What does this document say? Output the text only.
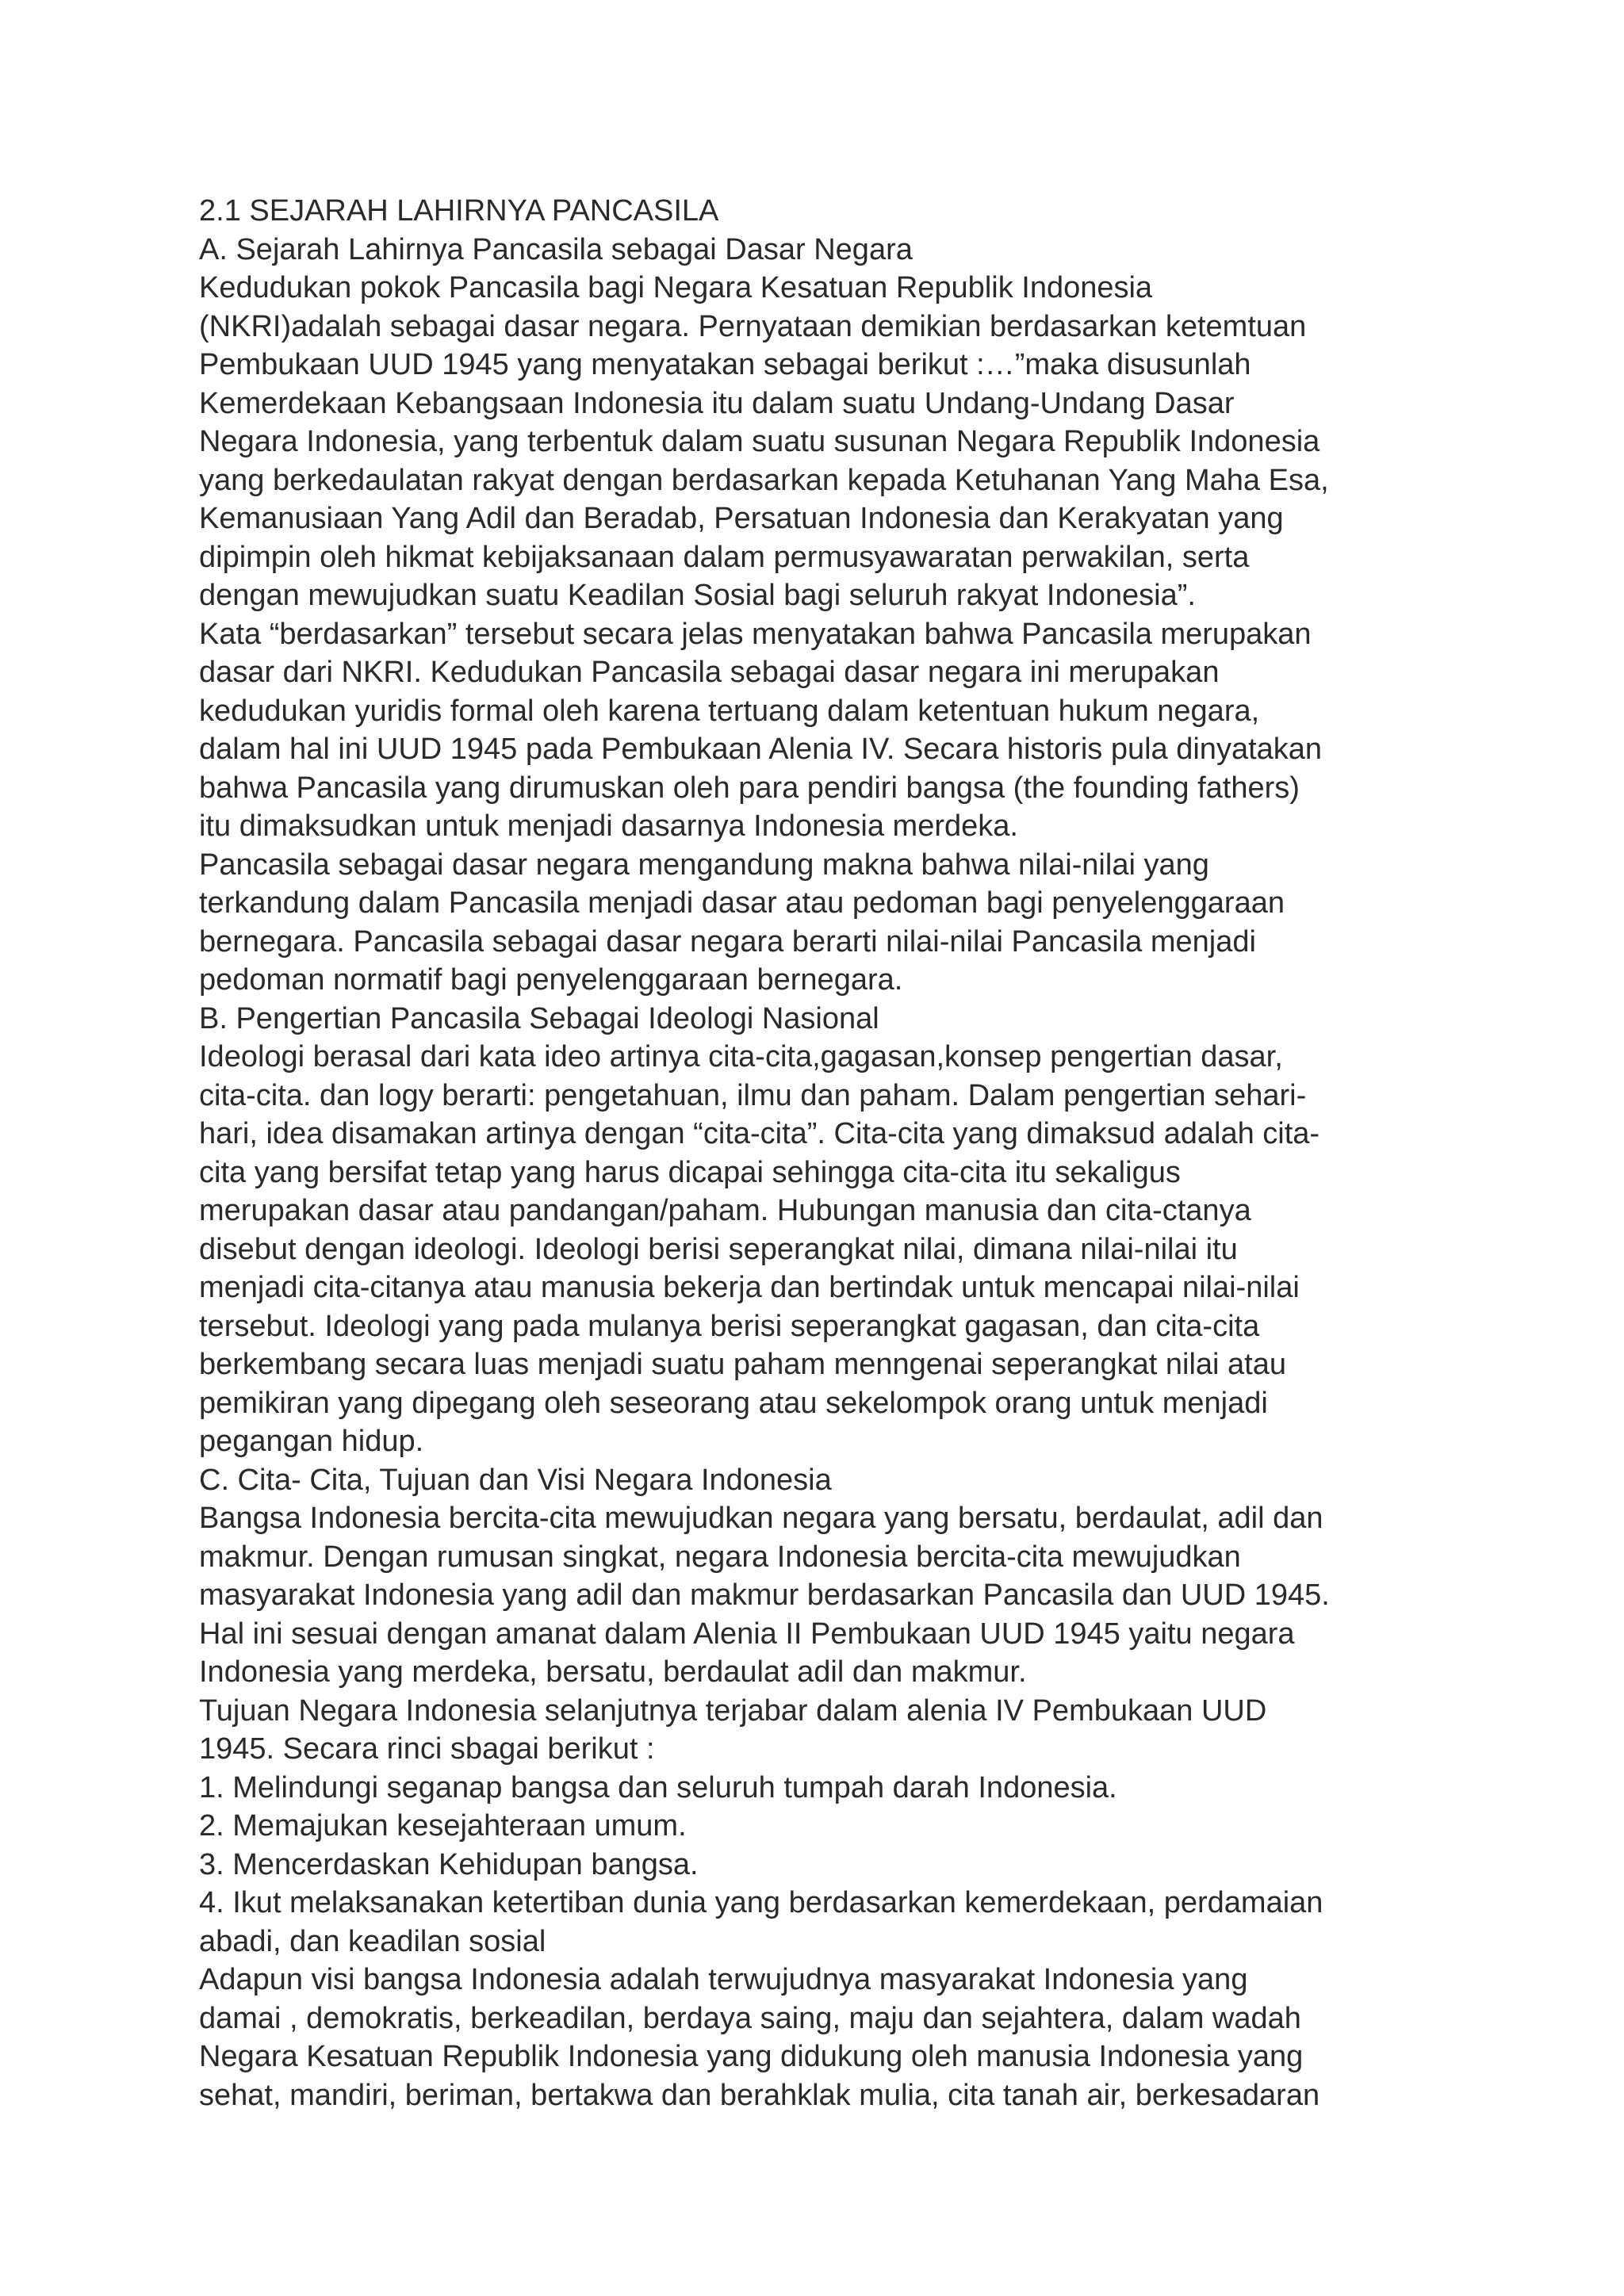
2.1 SEJARAH LAHIRNYA PANCASILA
A. Sejarah Lahirnya Pancasila sebagai Dasar Negara
Kedudukan pokok Pancasila bagi Negara Kesatuan Republik Indonesia
(NKRI)adalah sebagai dasar negara. Pernyataan demikian berdasarkan ketemtuan
Pembukaan UUD 1945 yang menyatakan sebagai berikut :…”maka disusunlah
Kemerdekaan Kebangsaan Indonesia itu dalam suatu Undang-Undang Dasar
Negara Indonesia, yang terbentuk dalam suatu susunan Negara Republik Indonesia
yang berkedaulatan rakyat dengan berdasarkan kepada Ketuhanan Yang Maha Esa,
Kemanusiaan Yang Adil dan Beradab, Persatuan Indonesia dan Kerakyatan yang
dipimpin oleh hikmat kebijaksanaan dalam permusyawaratan perwakilan, serta
dengan mewujudkan suatu Keadilan Sosial bagi seluruh rakyat Indonesia”.
Kata “berdasarkan” tersebut secara jelas menyatakan bahwa Pancasila merupakan
dasar dari NKRI. Kedudukan Pancasila sebagai dasar negara ini merupakan
kedudukan yuridis formal oleh karena tertuang dalam ketentuan hukum negara,
dalam hal ini UUD 1945 pada Pembukaan Alenia IV. Secara historis pula dinyatakan
bahwa Pancasila yang dirumuskan oleh para pendiri bangsa (the founding fathers)
itu dimaksudkan untuk menjadi dasarnya Indonesia merdeka.
Pancasila sebagai dasar negara mengandung makna bahwa nilai-nilai yang
terkandung dalam Pancasila menjadi dasar atau pedoman bagi penyelenggaraan
bernegara. Pancasila sebagai dasar negara berarti nilai-nilai Pancasila menjadi
pedoman normatif bagi penyelenggaraan bernegara.
B. Pengertian Pancasila Sebagai Ideologi Nasional
Ideologi berasal dari kata ideo artinya cita-cita,gagasan,konsep pengertian dasar,
cita-cita. dan logy berarti: pengetahuan, ilmu dan paham. Dalam pengertian sehari-
hari, idea disamakan artinya dengan “cita-cita”. Cita-cita yang dimaksud adalah cita-
cita yang bersifat tetap yang harus dicapai sehingga cita-cita itu sekaligus
merupakan dasar atau pandangan/paham. Hubungan manusia dan cita-ctanya
disebut dengan ideologi. Ideologi berisi seperangkat nilai, dimana nilai-nilai itu
menjadi cita-citanya atau manusia bekerja dan bertindak untuk mencapai nilai-nilai
tersebut. Ideologi yang pada mulanya berisi seperangkat gagasan, dan cita-cita
berkembang secara luas menjadi suatu paham menngenai seperangkat nilai atau
pemikiran yang dipegang oleh seseorang atau sekelompok orang untuk menjadi
pegangan hidup.
C. Cita- Cita, Tujuan dan Visi Negara Indonesia
Bangsa Indonesia bercita-cita mewujudkan negara yang bersatu, berdaulat, adil dan
makmur. Dengan rumusan singkat, negara Indonesia bercita-cita mewujudkan
masyarakat Indonesia yang adil dan makmur berdasarkan Pancasila dan UUD 1945.
Hal ini sesuai dengan amanat dalam Alenia II Pembukaan UUD 1945 yaitu negara
Indonesia yang merdeka, bersatu, berdaulat adil dan makmur.
Tujuan Negara Indonesia selanjutnya terjabar dalam alenia IV Pembukaan UUD
1945. Secara rinci sbagai berikut :
1. Melindungi seganap bangsa dan seluruh tumpah darah Indonesia.
2. Memajukan kesejahteraan umum.
3. Mencerdaskan Kehidupan bangsa.
4. Ikut melaksanakan ketertiban dunia yang berdasarkan kemerdekaan, perdamaian
abadi, dan keadilan sosial
Adapun visi bangsa Indonesia adalah terwujudnya masyarakat Indonesia yang
damai , demokratis, berkeadilan, berdaya saing, maju dan sejahtera, dalam wadah
Negara Kesatuan Republik Indonesia yang didukung oleh manusia Indonesia yang
sehat, mandiri, beriman, bertakwa dan berahklak mulia, cita tanah air, berkesadaran
